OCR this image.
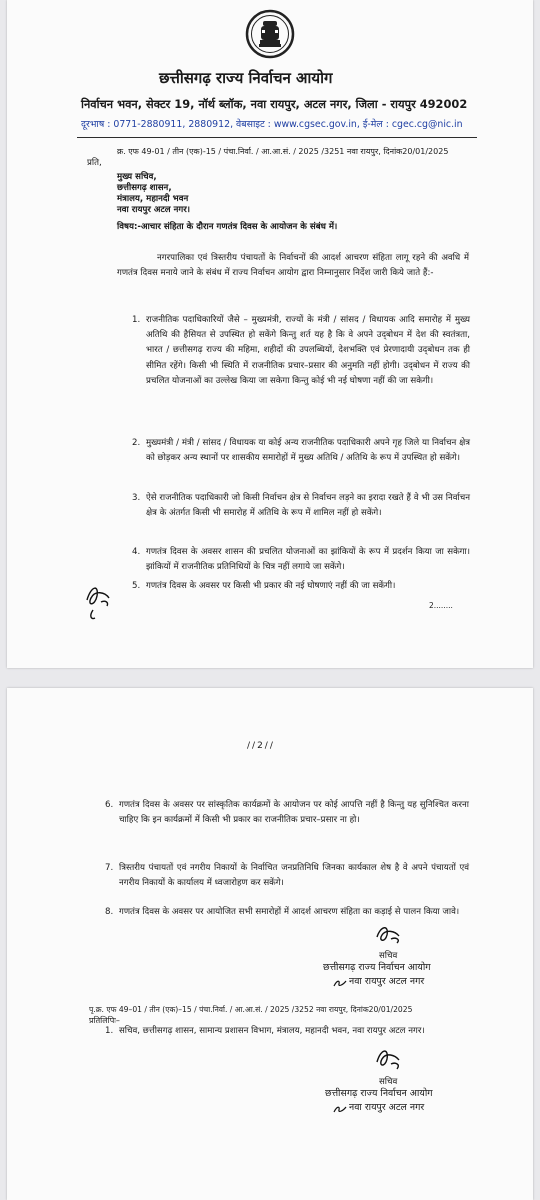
छत्तीसगढ़ राज्य निर्वाचन आयोग
निर्वाचन भवन, सेक्टर 19, नॉर्थ ब्लॉक, नवा रायपुर, अटल नगर, जिला - रायपुर 492002
दूरभाष : 0771-2880911, 2880912, वेबसाइट : www.cgsec.gov.in, ई-मेल : cgec.cg@nic.in
क्र. एफ 49-01 / तीन (एक)-15 / पंचा.निर्वा. / आ.आ.सं. / 2025 /3251 नवा रायपुर, दिनांक20/01/2025
प्रति,
मुख्य सचिव,
छत्तीसगढ़ शासन,
मंत्रालय, महानदी भवन
नवा रायपुर अटल नगर।
विषय:-आचार संहिता के दौरान गणतंत्र दिवस के आयोजन के संबंध में।
नगरपालिका एवं त्रिस्तरीय पंचायतों के निर्वाचनों की आदर्श आचरण संहिता लागू रहने की अवधि में गणतंत्र दिवस मनाये जाने के संबंध में राज्य निर्वाचन आयोग द्वारा निम्नानुसार निर्देश जारी किये जाते हैं:-
1. राजनीतिक पदाधिकारियों जैसे – मुख्यमंत्री, राज्यों के मंत्री / सांसद / विधायक आदि समारोह में मुख्य अतिथि की हैसियत से उपस्थित हो सकेंगे किन्तु शर्त यह है कि वे अपने उद्‌बोधन में देश की स्वतंत्रता, भारत / छत्तीसगढ़ राज्य की महिमा, शहीदों की उपलब्धियों, देशभक्ति एवं प्रेरणादायी उद्‌बोधन तक ही सीमित रहेंगे। किसी भी स्थिति में राजनीतिक प्रचार–प्रसार की अनुमति नहीं होगी। उद्‌बोधन में राज्य की प्रचलित योजनाओं का उल्लेख किया जा सकेगा किन्तु कोई भी नई घोषणा नहीं की जा सकेगी।
2. मुख्यमंत्री / मंत्री / सांसद / विधायक या कोई अन्य राजनीतिक पदाधिकारी अपने गृह जिले या निर्वाचन क्षेत्र को छोड़कर अन्य स्थानों पर शासकीय समारोहों में मुख्य अतिथि / अतिथि के रूप में उपस्थित हो सकेंगे।
3. ऐसे राजनीतिक पदाधिकारी जो किसी निर्वाचन क्षेत्र से निर्वाचन लड़ने का इरादा रखते हैं वे भी उस निर्वाचन क्षेत्र के अंतर्गत किसी भी समारोह में अतिथि के रूप में शामिल नहीं हो सकेंगे।
4. गणतंत्र दिवस के अवसर शासन की प्रचलित योजनाओं का झांकियों के रूप में प्रदर्शन किया जा सकेगा। झांकियों में राजनीतिक प्रतिनिधियों के चित्र नहीं लगाये जा सकेंगे।
5. गणतंत्र दिवस के अवसर पर किसी भी प्रकार की नई घोषणाएं नहीं की जा सकेंगी।
2........
//2//
6. गणतंत्र दिवस के अवसर पर सांस्कृतिक कार्यक्रमों के आयोजन पर कोई आपत्ति नहीं है किन्तु यह सुनिश्चित करना चाहिए कि इन कार्यक्रमों में किसी भी प्रकार का राजनीतिक प्रचार–प्रसार ना हो।
7. त्रिस्तरीय पंचायतों एवं नगरीय निकायों के निर्वाचित जनप्रतिनिधि जिनका कार्यकाल शेष है वे अपने पंचायतों एवं नगरीय निकायों के कार्यालय में ध्वजारोहण कर सकेंगे।
8. गणतंत्र दिवस के अवसर पर आयोजित सभी समारोहों में आदर्श आचरण संहिता का कड़ाई से पालन किया जावे।
सचिव
छत्तीसगढ़ राज्य निर्वाचन आयोग
नवा रायपुर अटल नगर
पृ.क्र. एफ 49–01 / तीन (एक)–15 / पंचा.निर्वा. / आ.आ.सं. / 2025 /3252 नवा रायपुर, दिनांक20/01/2025
प्रतिलिपिः–
1. सचिव, छत्तीसगढ़ शासन, सामान्य प्रशासन विभाग, मंत्रालय, महानदी भवन, नवा रायपुर अटल नगर।
सचिव
छत्तीसगढ़ राज्य निर्वाचन आयोग
नवा रायपुर अटल नगर
